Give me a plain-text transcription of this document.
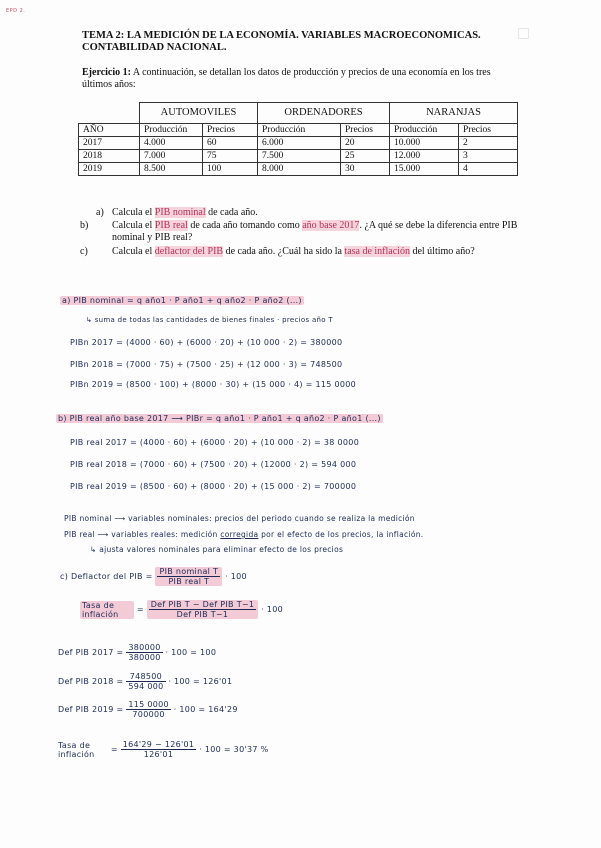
EPD 2.
TEMA 2: LA MEDICIÓN DE LA ECONOMÍA. VARIABLES MACROECONOMICAS. CONTABILIDAD NACIONAL.
Ejercicio 1: A continuación, se detallan los datos de producción y precios de una economía en los tres últimos años:
	AUTOMOVILES		ORDENADORES		NARANJAS	
AÑO	Producción	Precios	Producción	Precios	Producción	Precios
2017	4.000	60	6.000	20	10.000	2
2018	7.000	75	7.500	25	12.000	3
2019	8.500	100	8.000	30	15.000	4
a) Calcula el PIB nominal de cada año.
b) Calcula el PIB real de cada año tomando como año base 2017. ¿A qué se debe la diferencia entre PIB nominal y PIB real?
c) Calcula el deflactor del PIB de cada año. ¿Cuál ha sido la tasa de inflación del último año?
a) PIB nominal = q año1 · P año1 + q año2 · P año2 (...)
↳ suma de todas las cantidades de bienes finales · precios año T
PIBn 2017 = (4000 · 60) + (6000 · 20) + (10 000 · 2) = 380000
PIBn 2018 = (7000 · 75) + (7500 · 25) + (12 000 · 3) = 748500
PIBn 2019 = (8500 · 100) + (8000 · 30) + (15 000 · 4) = 115 0000
b) PIB real año base 2017 ⟶ PIBr = q año1 · P año1 + q año2 · P año1 (...)
PIB real 2017 = (4000 · 60) + (6000 · 20) + (10 000 · 2) = 38 0000
PIB real 2018 = (7000 · 60) + (7500 · 20) + (12000 · 2) = 594 000
PIB real 2019 = (8500 · 60) + (8000 · 20) + (15 000 · 2) = 700000
PIB nominal ⟶ variables nominales: precios del periodo cuando se realiza la medición
PIB real ⟶ variables reales: medición corregida por el efecto de los precios, la inflación.
↳ ajusta valores nominales para eliminar efecto de los precios
c) Deflactor del PIB = $\frac{\text{PIB nominal T}}{\text{PIB real T}} \cdot 100$
Tasa de inflación = $\frac{\text{Def PIB T − Def PIB T−1}}{\text{Def PIB T−1}} \cdot 100$
Def PIB $2017 = \frac{380000}{380000} \cdot 100 = 100$
Def PIB $2018 = \frac{748500}{594 000} \cdot 100 = 126'01$
Def PIB $2019 = \frac{115 0000}{700000} \cdot 100 = 164'29$
Tasa de inflación = $\frac{164'29 - 126'01}{126'01} \cdot 100 = 30'37$ %
